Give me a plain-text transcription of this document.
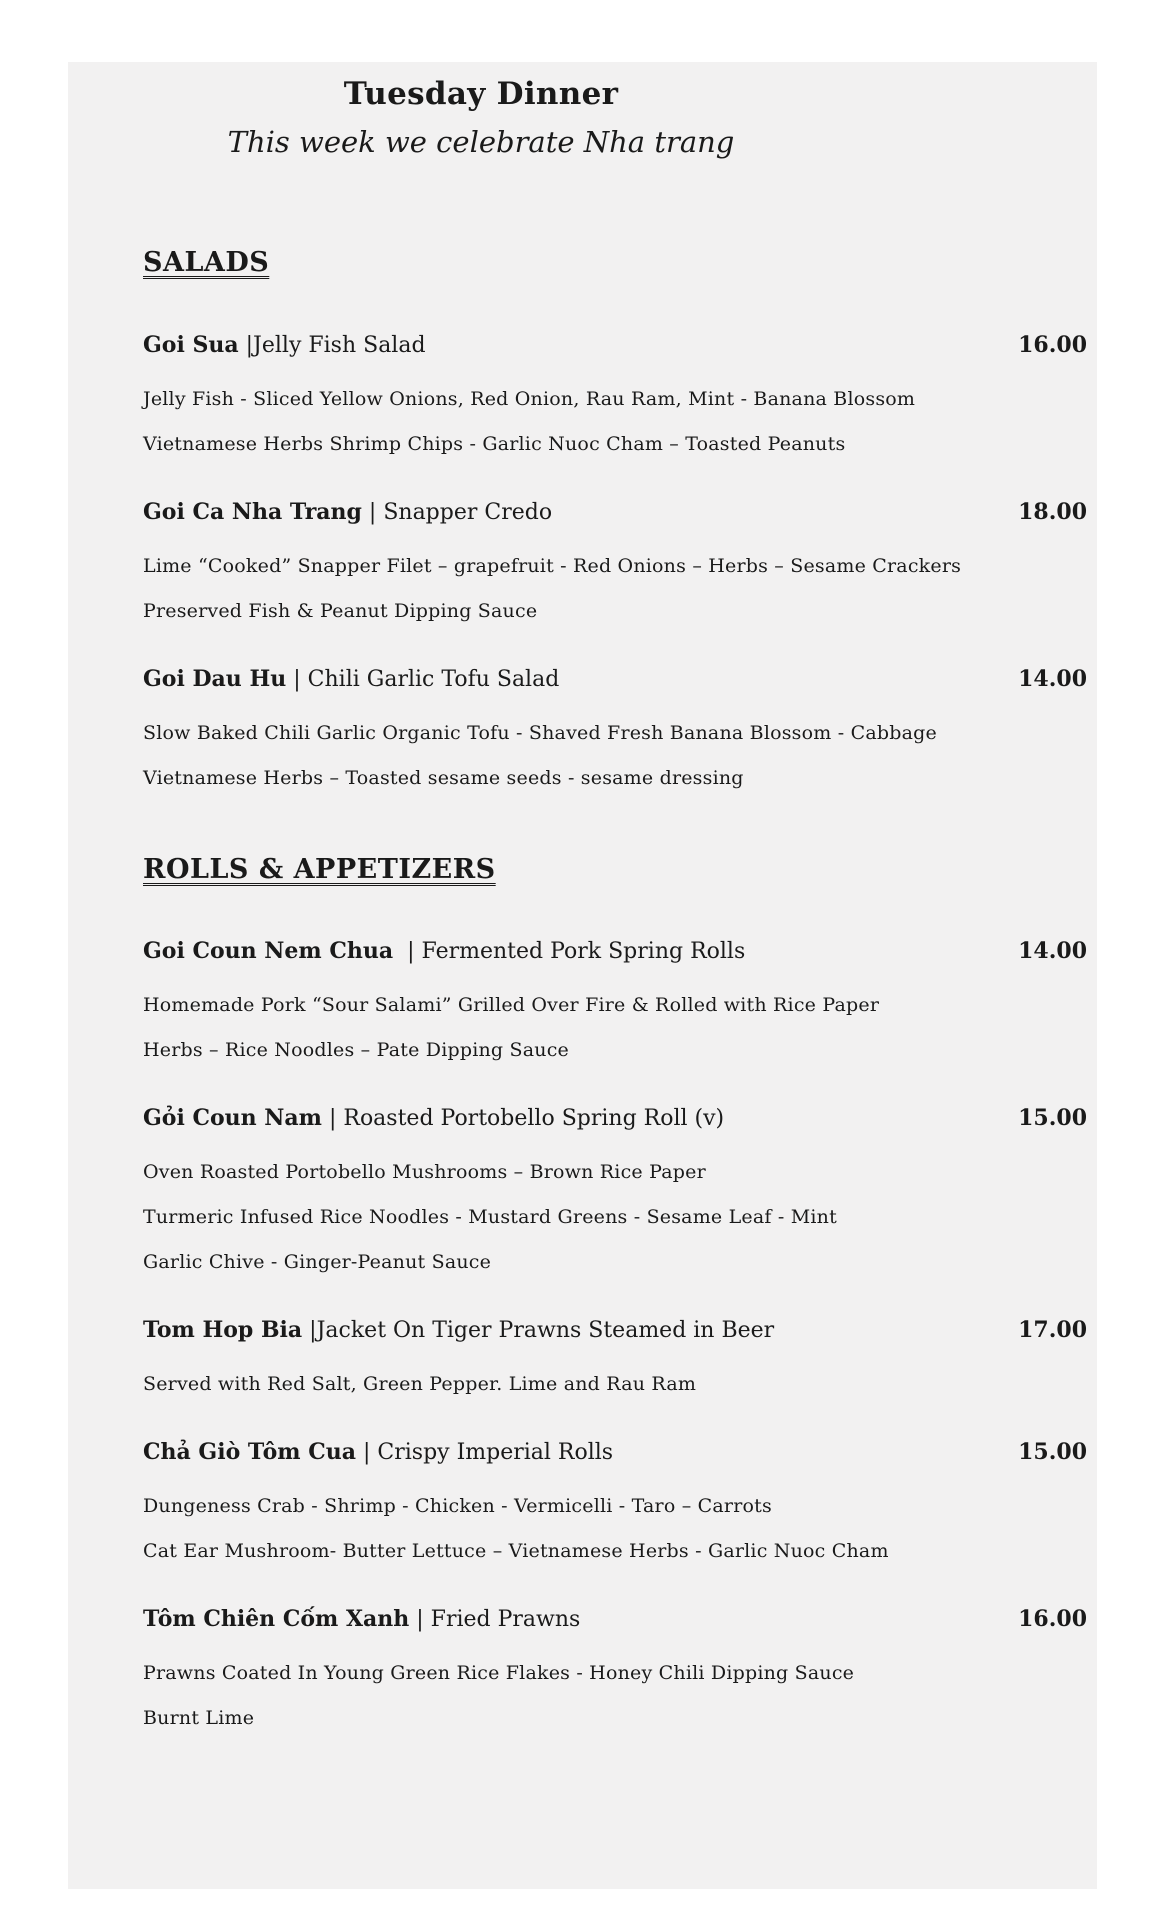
Tuesday Dinner
This week we celebrate Nha trang
SALADS
Goi Sua |Jelly Fish Salad	16.00
Jelly Fish - Sliced Yellow Onions, Red Onion, Rau Ram, Mint - Banana Blossom
Vietnamese Herbs Shrimp Chips - Garlic Nuoc Cham – Toasted Peanuts
Goi Ca Nha Trang | Snapper Credo	18.00
Lime “Cooked” Snapper Filet – grapefruit - Red Onions – Herbs – Sesame Crackers
Preserved Fish & Peanut Dipping Sauce
Goi Dau Hu | Chili Garlic Tofu Salad	14.00
Slow Baked Chili Garlic Organic Tofu - Shaved Fresh Banana Blossom - Cabbage
Vietnamese Herbs – Toasted sesame seeds - sesame dressing
ROLLS & APPETIZERS
Goi Coun Nem Chua | Fermented Pork Spring Rolls	14.00
Homemade Pork “Sour Salami” Grilled Over Fire & Rolled with Rice Paper
Herbs – Rice Noodles – Pate Dipping Sauce
Gỏi Coun Nam | Roasted Portobello Spring Roll (v)	15.00
Oven Roasted Portobello Mushrooms – Brown Rice Paper
Turmeric Infused Rice Noodles - Mustard Greens - Sesame Leaf - Mint
Garlic Chive - Ginger-Peanut Sauce
Tom Hop Bia |Jacket On Tiger Prawns Steamed in Beer	17.00
Served with Red Salt, Green Pepper. Lime and Rau Ram
Chả Giò Tôm Cua | Crispy Imperial Rolls	15.00
Dungeness Crab - Shrimp - Chicken - Vermicelli - Taro – Carrots
Cat Ear Mushroom- Butter Lettuce – Vietnamese Herbs - Garlic Nuoc Cham
Tôm Chiên Cốm Xanh | Fried Prawns	16.00
Prawns Coated In Young Green Rice Flakes - Honey Chili Dipping Sauce
Burnt Lime
